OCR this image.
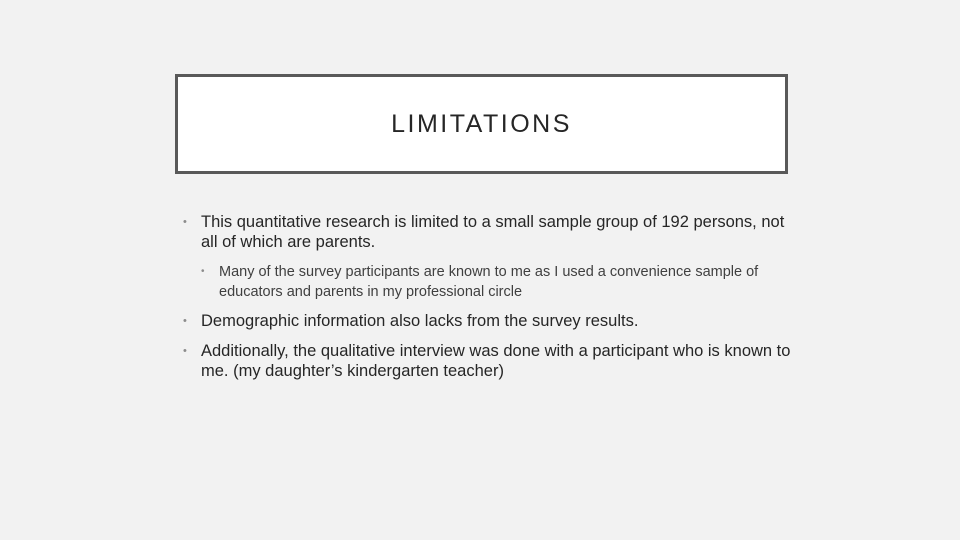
LIMITATIONS
• This quantitative research is limited to a small sample group of 192 persons, not all of which are parents.
• Many of the survey participants are known to me as I used a convenience sample of educators and parents in my professional circle
• Demographic information also lacks from the survey results.
• Additionally, the qualitative interview was done with a participant who is known to me. (my daughter’s kindergarten teacher)
